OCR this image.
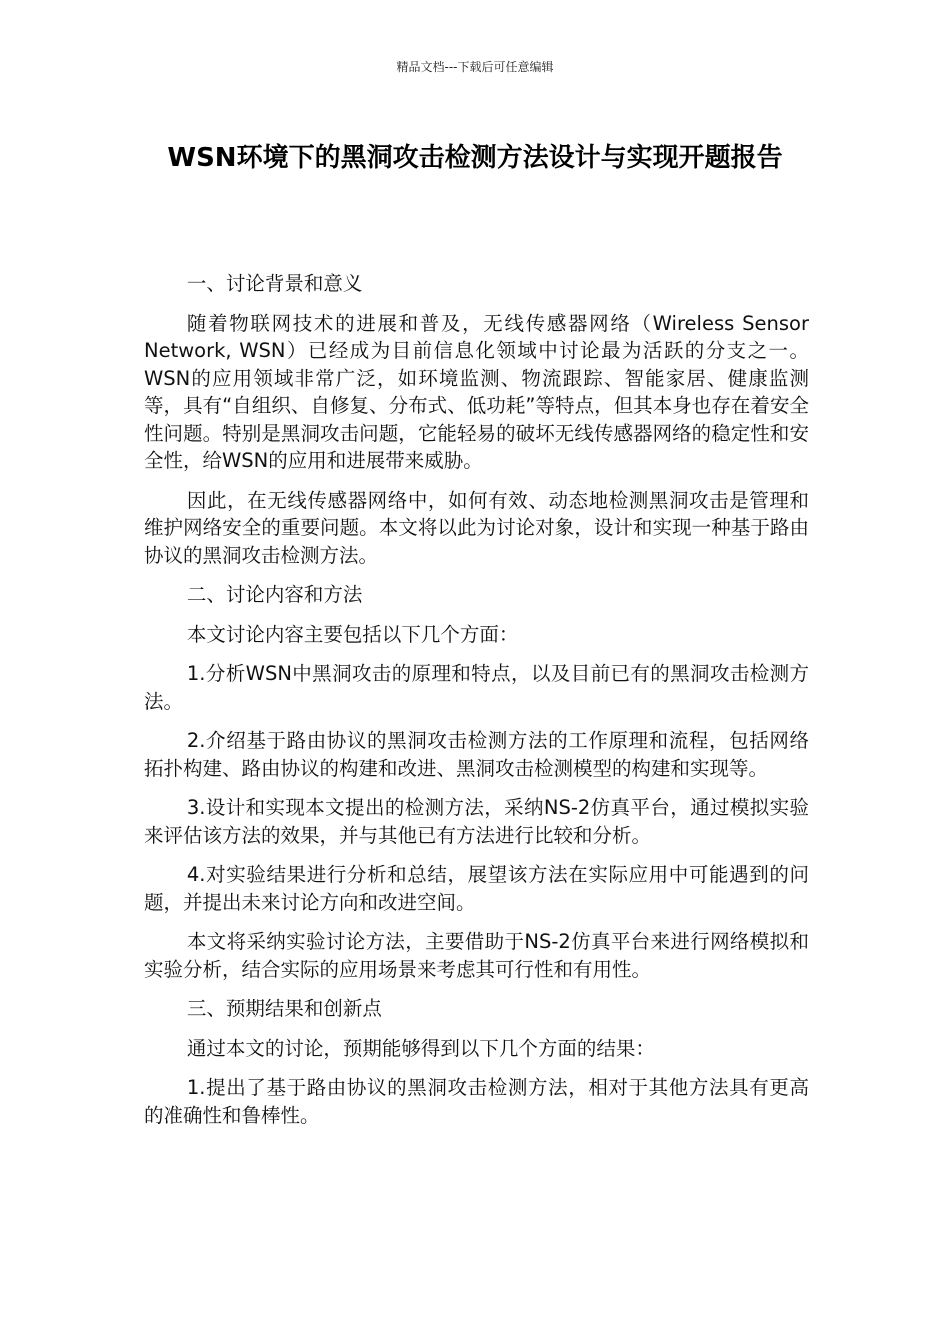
精品文档---下载后可任意编辑
WSN环境下的黑洞攻击检测方法设计与实现开题报告

一、讨论背景和意义

随着物联网技术的进展和普及，无线传感器网络（Wireless Sensor Network, WSN）已经成为目前信息化领域中讨论最为活跃的分支之一。WSN的应用领域非常广泛，如环境监测、物流跟踪、智能家居、健康监测等，具有“自组织、自修复、分布式、低功耗”等特点，但其本身也存在着安全性问题。特别是黑洞攻击问题，它能轻易的破坏无线传感器网络的稳定性和安全性，给WSN的应用和进展带来威胁。

因此，在无线传感器网络中，如何有效、动态地检测黑洞攻击是管理和维护网络安全的重要问题。本文将以此为讨论对象，设计和实现一种基于路由协议的黑洞攻击检测方法。

二、讨论内容和方法

本文讨论内容主要包括以下几个方面：

1.分析WSN中黑洞攻击的原理和特点，以及目前已有的黑洞攻击检测方法。

2.介绍基于路由协议的黑洞攻击检测方法的工作原理和流程，包括网络拓扑构建、路由协议的构建和改进、黑洞攻击检测模型的构建和实现等。

3.设计和实现本文提出的检测方法，采纳NS-2仿真平台，通过模拟实验来评估该方法的效果，并与其他已有方法进行比较和分析。

4.对实验结果进行分析和总结，展望该方法在实际应用中可能遇到的问题，并提出未来讨论方向和改进空间。

本文将采纳实验讨论方法，主要借助于NS-2仿真平台来进行网络模拟和实验分析，结合实际的应用场景来考虑其可行性和有用性。

三、预期结果和创新点

通过本文的讨论，预期能够得到以下几个方面的结果：

1.提出了基于路由协议的黑洞攻击检测方法，相对于其他方法具有更高的准确性和鲁棒性。
